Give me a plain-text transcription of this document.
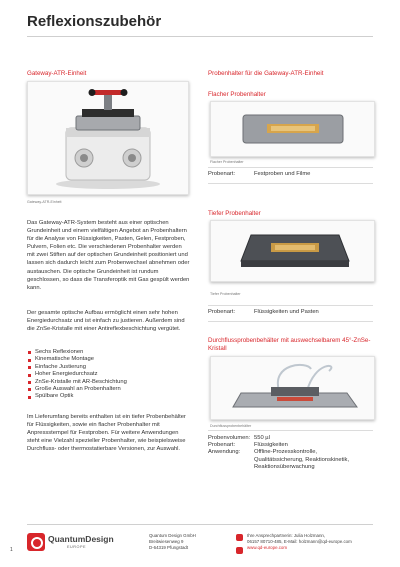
Reflexionszubehör
Gateway-ATR-Einheit
Gateway-ATR-Einheit
Das Gateway-ATR-System besteht aus einer optischen Grundeinheit und einem vielfältigen Angebot an Probenhaltern für die Analyse von Flüssigkeiten, Pasten, Gelen, Festproben, Pulvern, Folien etc. Die verschiedenen Probenhalter werden mit zwei Stiften auf der optischen Grundeinheit positioniert und lassen sich dadurch leicht zum Probenwechsel abnehmen oder austauschen. Die optische Grundeinheit ist rundum geschlossen, so dass die Transferoptik mit Gas gespült werden kann.
Der gesamte optische Aufbau ermöglicht einen sehr hohen Energiedurchsatz und ist einfach zu justieren. Außerdem sind die ZnSe-Kristalle mit einer Antireflexbeschichtung vergütet.
Sechs Reflexionen
Kinematische Montage
Einfache Justierung
Hoher Energiedurchsatz
ZnSe-Kristalle mit AR-Beschichtung
Große Auswahl an Probenhaltern
Spülbare Optik
Im Lieferumfang bereits enthalten ist ein tiefer Probenbehälter für Flüssigkeiten, sowie ein flacher Probenhalter mit Anpressstempel für Festproben. Für weitere Anwendungen steht eine Vielzahl spezieller Probenhalter, wie beispielsweise Durchfluss- oder thermostatierbare Versionen, zur Auswahl.
Probenhalter für die Gateway-ATR-Einheit
Flacher Probenhalter
Flacher Probenhalter
Probenart:	Festproben und Filme
Tiefer Probenhalter
Tiefer Probenhalter
Probenart:	Flüssigkeiten und Pasten
Durchflussprobenbehälter mit auswechselbarem 45°-ZnSe-Kristall
Durchflussprobenbehälter
Probenvolumen: 550 µl
Probenart:	Flüssigkeiten
Anwendung:	Offline-Prozesskontrolle, Qualitätssicherung, Reaktionskinetik, Reaktionsüberwachung
QuantumDesign
EUROPE
Quantum Design GmbH
Breitwiesenweg 9
D-64319 Pfungstadt
Ihre Ansprechpartnerin: Julia Holzmann,
06157 80710-485, E-Mail: holzmann@qd-europe.com
www.qd-europe.com
1
